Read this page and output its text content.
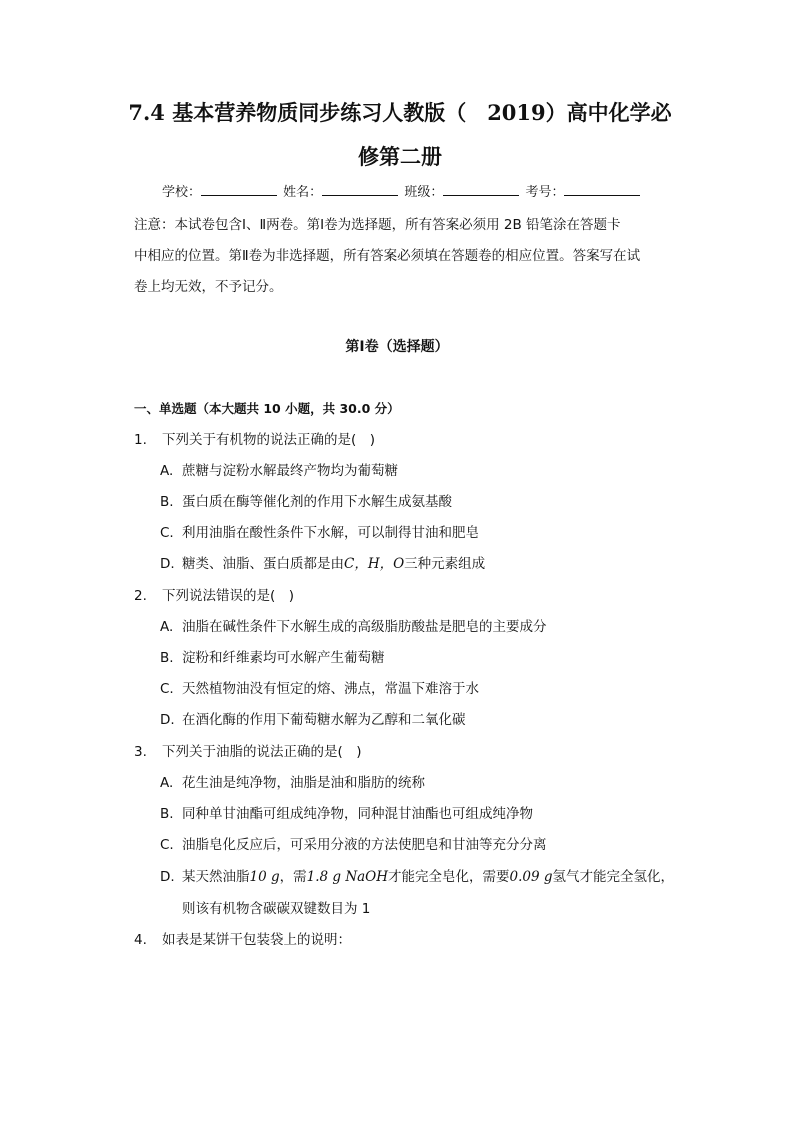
7.4 基本营养物质同步练习人教版（　2019）高中化学必
修第二册
学校：	姓名：	班级：	考号：
注意：本试卷包含Ⅰ、Ⅱ两卷。第Ⅰ卷为选择题，所有答案必须用 2B 铅笔涂在答题卡
中相应的位置。第Ⅱ卷为非选择题，所有答案必须填在答题卷的相应位置。答案写在试
卷上均无效，不予记分。
第Ⅰ卷（选择题）
一、单选题（本大题共 10 小题，共 30.0 分）
1. 下列关于有机物的说法正确的是(　)
A. 蔗糖与淀粉水解最终产物均为葡萄糖
B. 蛋白质在酶等催化剂的作用下水解生成氨基酸
C. 利用油脂在酸性条件下水解，可以制得甘油和肥皂
D. 糖类、油脂、蛋白质都是由C，H，O三种元素组成
2. 下列说法错误的是(　)
A. 油脂在碱性条件下水解生成的高级脂肪酸盐是肥皂的主要成分
B. 淀粉和纤维素均可水解产生葡萄糖
C. 天然植物油没有恒定的熔、沸点，常温下难溶于水
D. 在酒化酶的作用下葡萄糖水解为乙醇和二氧化碳
3. 下列关于油脂的说法正确的是(　)
A. 花生油是纯净物，油脂是油和脂肪的统称
B. 同种单甘油酯可组成纯净物，同种混甘油酯也可组成纯净物
C. 油脂皂化反应后，可采用分液的方法使肥皂和甘油等充分分离
D. 某天然油脂10 g，需1.8 g NaOH才能完全皂化，需要0.09 g氢气才能完全氢化，
则该有机物含碳碳双键数目为 1
4. 如表是某饼干包装袋上的说明：
